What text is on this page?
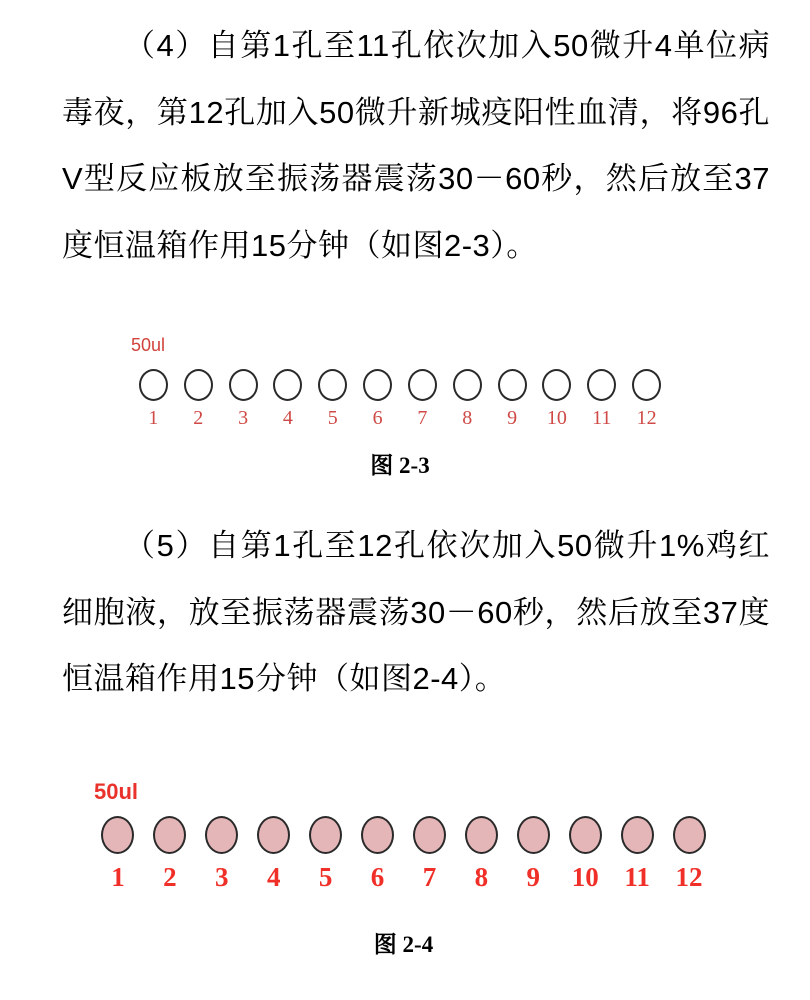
（4）自第1孔至11孔依次加入50微升4单位病毒夜，第12孔加入50微升新城疫阳性血清，将96孔V型反应板放至振荡器震荡30－60秒，然后放至37度恒温箱作用15分钟（如图2-3）。

50ul
1 2 3 4 5 6 7 8 9 10 11 12
图 2-3

（5）自第1孔至12孔依次加入50微升1%鸡红细胞液，放至振荡器震荡30－60秒，然后放至37度恒温箱作用15分钟（如图2-4）。

50ul
1 2 3 4 5 6 7 8 9 10 11 12
图 2-4
